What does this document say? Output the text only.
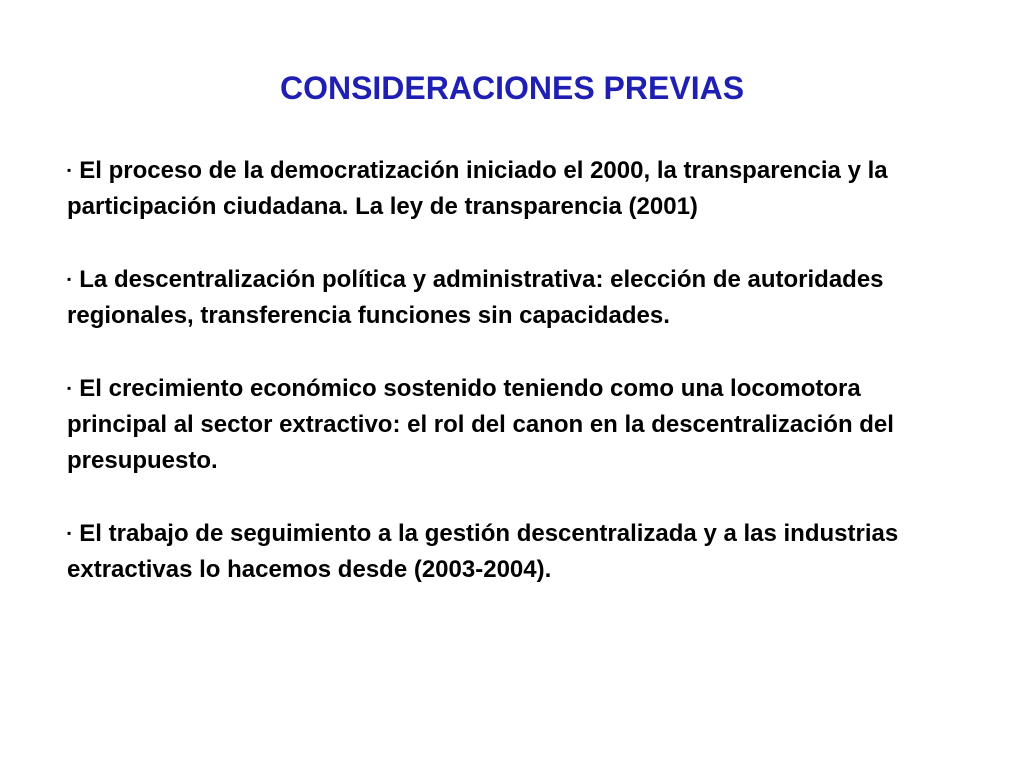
CONSIDERACIONES PREVIAS

▪ El proceso de la democratización iniciado el 2000, la transparencia y la participación ciudadana. La ley de transparencia (2001)

▪ La descentralización política y administrativa: elección de autoridades regionales, transferencia funciones sin capacidades.

▪ El crecimiento económico sostenido teniendo como una locomotora principal al sector extractivo: el rol del canon en la descentralización del presupuesto.

▪ El trabajo de seguimiento a la gestión descentralizada y a las industrias extractivas lo hacemos desde (2003-2004).
